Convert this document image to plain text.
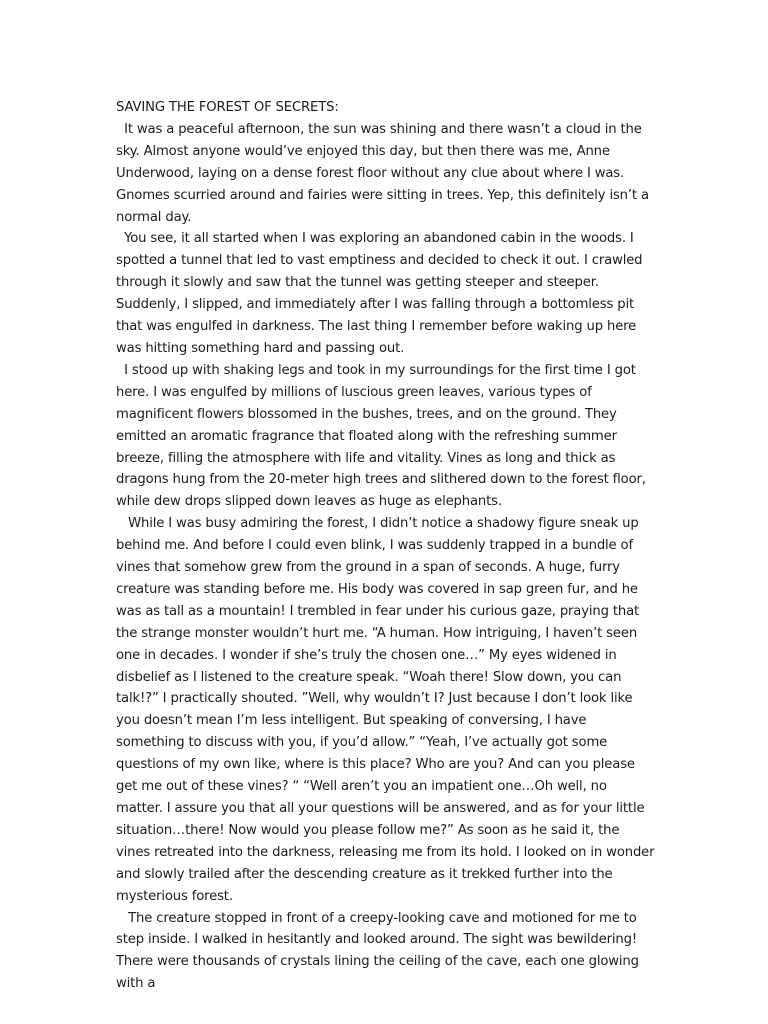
SAVING THE FOREST OF SECRETS:

It was a peaceful afternoon, the sun was shining and there wasn’t a cloud in the sky. Almost anyone would’ve enjoyed this day, but then there was me, Anne Underwood, laying on a dense forest floor without any clue about where I was. Gnomes scurried around and fairies were sitting in trees. Yep, this definitely isn’t a normal day.

You see, it all started when I was exploring an abandoned cabin in the woods. I spotted a tunnel that led to vast emptiness and decided to check it out. I crawled through it slowly and saw that the tunnel was getting steeper and steeper. Suddenly, I slipped, and immediately after I was falling through a bottomless pit that was engulfed in darkness. The last thing I remember before waking up here was hitting something hard and passing out.

I stood up with shaking legs and took in my surroundings for the first time I got here. I was engulfed by millions of luscious green leaves, various types of magnificent flowers blossomed in the bushes, trees, and on the ground. They emitted an aromatic fragrance that floated along with the refreshing summer breeze, filling the atmosphere with life and vitality. Vines as long and thick as dragons hung from the 20-meter high trees and slithered down to the forest floor, while dew drops slipped down leaves as huge as elephants.

While I was busy admiring the forest, I didn’t notice a shadowy figure sneak up behind me. And before I could even blink, I was suddenly trapped in a bundle of vines that somehow grew from the ground in a span of seconds. A huge, furry creature was standing before me. His body was covered in sap green fur, and he was as tall as a mountain! I trembled in fear under his curious gaze, praying that the strange monster wouldn’t hurt me. “A human. How intriguing, I haven’t seen one in decades. I wonder if she’s truly the chosen one…” My eyes widened in disbelief as I listened to the creature speak. “Woah there! Slow down, you can talk!?” I practically shouted. ”Well, why wouldn’t I? Just because I don’t look like you doesn’t mean I’m less intelligent. But speaking of conversing, I have something to discuss with you, if you’d allow.” “Yeah, I’ve actually got some questions of my own like, where is this place? Who are you? And can you please get me out of these vines? “ “Well aren’t you an impatient one…Oh well, no matter. I assure you that all your questions will be answered, and as for your little situation…there! Now would you please follow me?” As soon as he said it, the vines retreated into the darkness, releasing me from its hold. I looked on in wonder and slowly trailed after the descending creature as it trekked further into the mysterious forest.

The creature stopped in front of a creepy-looking cave and motioned for me to step inside. I walked in hesitantly and looked around. The sight was bewildering! There were thousands of crystals lining the ceiling of the cave, each one glowing with a
